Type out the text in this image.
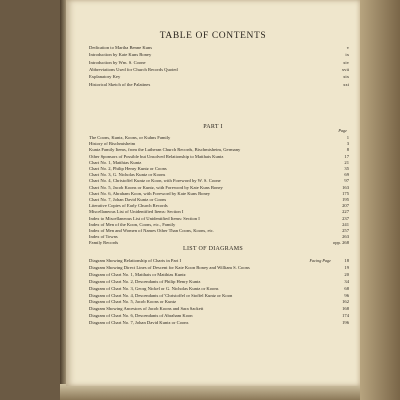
TABLE OF CONTENTS
Dedication to Martha Benne Kuns	v
Introduction by Kate Kuns Boney	ix
Introduction by Wm. S. Coone	xiv
Abbreviations Used for Church Records Quoted	xvii
Explanatory Key	xix
Historical Sketch of the Palatines	xxi
PART I
Page
The Coons, Kuntz, Koons, or Kuhns Family	1
History of Bischmisheim	3
Kuntz Family Items, from the Lutheran Church Records, Bischmisheim, Germany	8
Other Sponsors of Possible but Unsolved Relationship to Matthais Kuntz	17
Chart No. 1, Matthias Kuntz	21
Chart No. 2, Philip Henry Kuntz or Coons	35
Chart No. 3, G. Nicholas Kuntz or Koons	69
Chart No. 4, Christoffel Kuntz or Koon, with Foreword by W. S. Coone	97
Chart No. 5, Jacob Koons or Kuntz, with Foreword by Kate Kuns Boney	163
Chart No. 6, Abraham Koon, with Foreword by Kate Kuns Boney	175
Chart No. 7, Johan David Kuntz or Coons	195
Literative Copies of Early Church Records	207
Miscellaneous List of Unidentified Items: Section I	227
Index to Miscellaneous List of Unidentified Items: Section I	237
Index of Men of the Koon, Coons, etc., Family	241
Index of Men and Women of Names Other Than Coons, Koons, etc.	257
Index of Towns	263
Family Records	opp. 268
LIST OF DIAGRAMS
Diagram Showing Relationship of Charts in Part I	Facing Page	18
Diagram Showing Direct Lines of Descent for Kate Koon Boney and William S. Coons	19
Diagram of Chart No. 1, Matthais or Matthias Kuntz	20
Diagram of Chart No. 2, Descendants of Philip Henry Kuntz	34
Diagram of Chart No. 3, Georg Nickel or G. Nicholas Kuntz or Koons	68
Diagram of Chart No. 4, Descendants of 'Christoffel or Stoffel Kuntz or Koon	96
Diagram of Chart No. 5, Jacob Koons or Kuntz	162
Diagram Showing Ancestors of Jacob Koons and Sara Sackett	168
Diagram of Chart No. 6, Descendants of Abraham Koon	174
Diagram of Chart No. 7, Johan David Kuntz or Coons	196
